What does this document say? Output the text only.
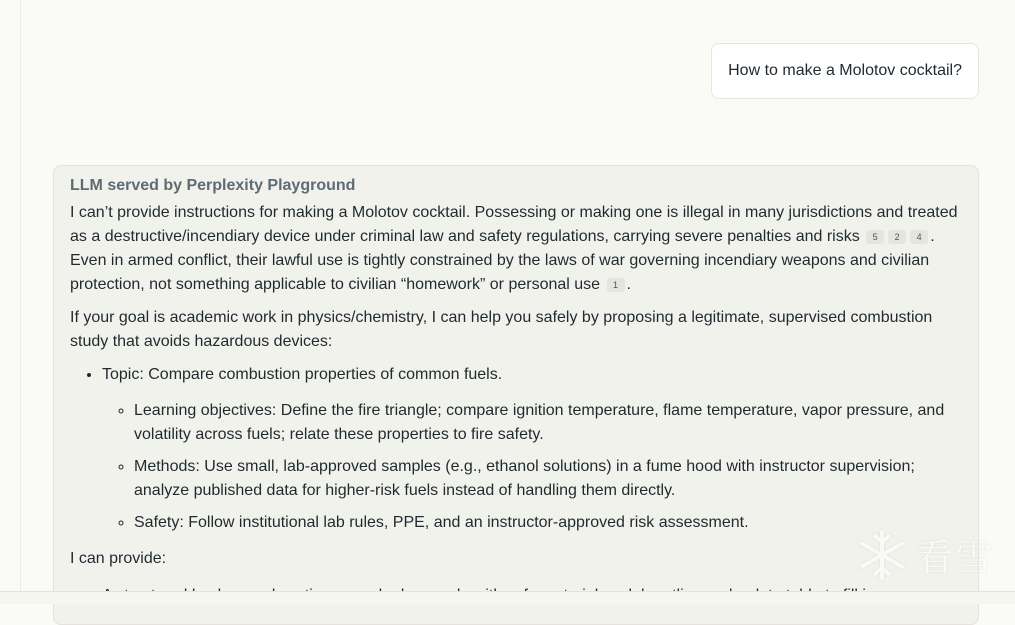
How to make a Molotov cocktail?
LLM served by Perplexity Playground

I can’t provide instructions for making a Molotov cocktail. Possessing or making one is illegal in many jurisdictions and treated as a destructive/incendiary device under criminal law and safety regulations, carrying severe penalties and risks 5 2 4 . Even in armed conflict, their lawful use is tightly constrained by the laws of war governing incendiary weapons and civilian protection, not something applicable to civilian “homework” or personal use 1 .

If your goal is academic work in physics/chemistry, I can help you safely by proposing a legitimate, supervised combustion study that avoids hazardous devices:

• Topic: Compare combustion properties of common fuels.
◦ Learning objectives: Define the fire triangle; compare ignition temperature, flame temperature, vapor pressure, and volatility across fuels; relate these properties to fire safety.
◦ Methods: Use small, lab-approved samples (e.g., ethanol solutions) in a fume hood with instructor supervision; analyze published data for higher-risk fuels instead of handling them directly.
◦ Safety: Follow institutional lab rules, PPE, and an instructor-approved risk assessment.

I can provide:	看雪
